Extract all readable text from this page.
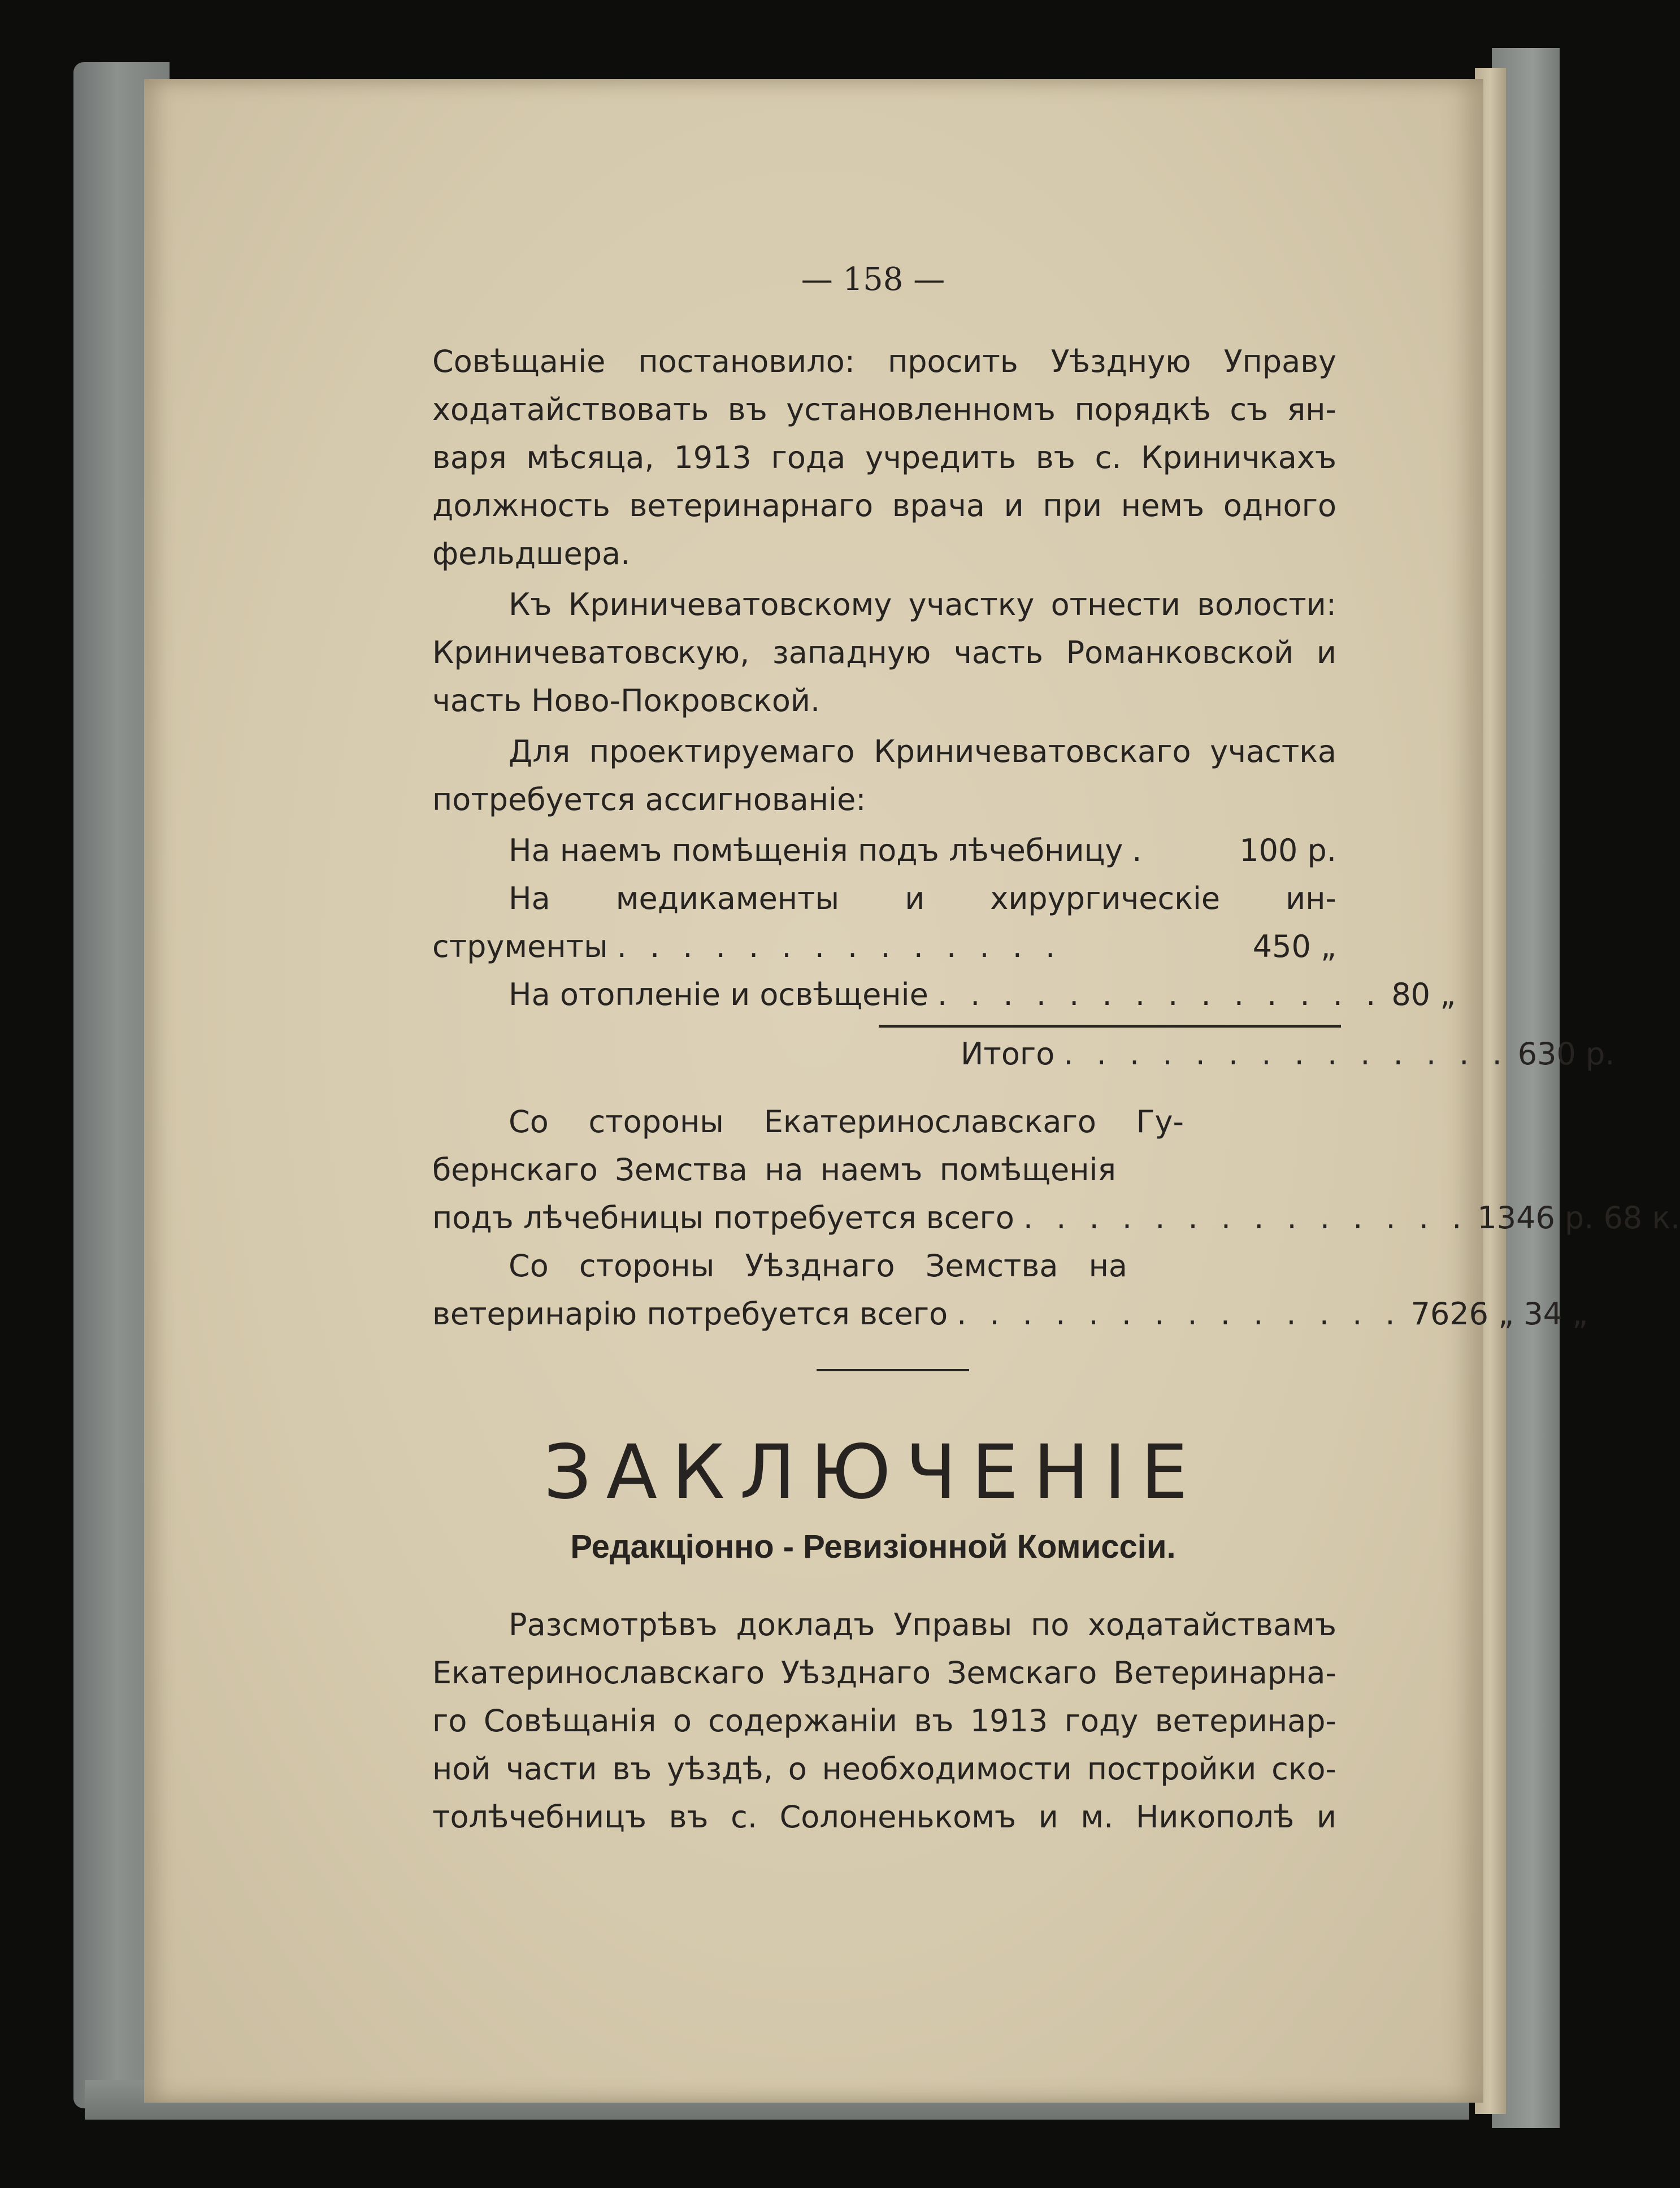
— 158 —
Совѣщаніе постановило: просить Уѣздную Управу
ходатайствовать въ установленномъ порядкѣ съ ян-
варя мѣсяца, 1913 года учредить въ с. Криничкахъ
должность ветеринарнаго врача и при немъ одного
фельдшера.
Къ Криничеватовскому участку отнести волости:
Криничеватовскую, западную часть Романковской и
часть Ново-Покровской.
Для проектируемаго Криничеватовскаго участка
потребуется ассигнованіе:
На наемъ помѣщенія подъ лѣчебницу .	100 р.
На медикаменты и хирургическіе ин-
струменты . . . . . . . . . . . . . .	450 „
На отопленіе и освѣщеніе . . . . . . . . . . . . . . 80 „
Итого . . . . . . . . . . . . . . 630 р.
Со стороны Екатеринославскаго Гу-
бернскаго Земства на наемъ помѣщенія
подъ лѣчебницы потребуется всего . . . . . . . . . . . . . . 1346 р. 68 к.
Со стороны Уѣзднаго Земства на
ветеринарію потребуется всего . . . . . . . . . . . . . . 7626 „ 34 „
ЗАКЛЮЧЕНІЕ
Редакціонно - Ревизіонной Комиссіи.
Разсмотрѣвъ докладъ Управы по ходатайствамъ
Екатеринославскаго Уѣзднаго Земскаго Ветеринарна-
го Совѣщанія о содержаніи въ 1913 году ветеринар-
ной части въ уѣздѣ, о необходимости постройки ско-
толѣчебницъ въ с. Солоненькомъ и м. Никополѣ и
